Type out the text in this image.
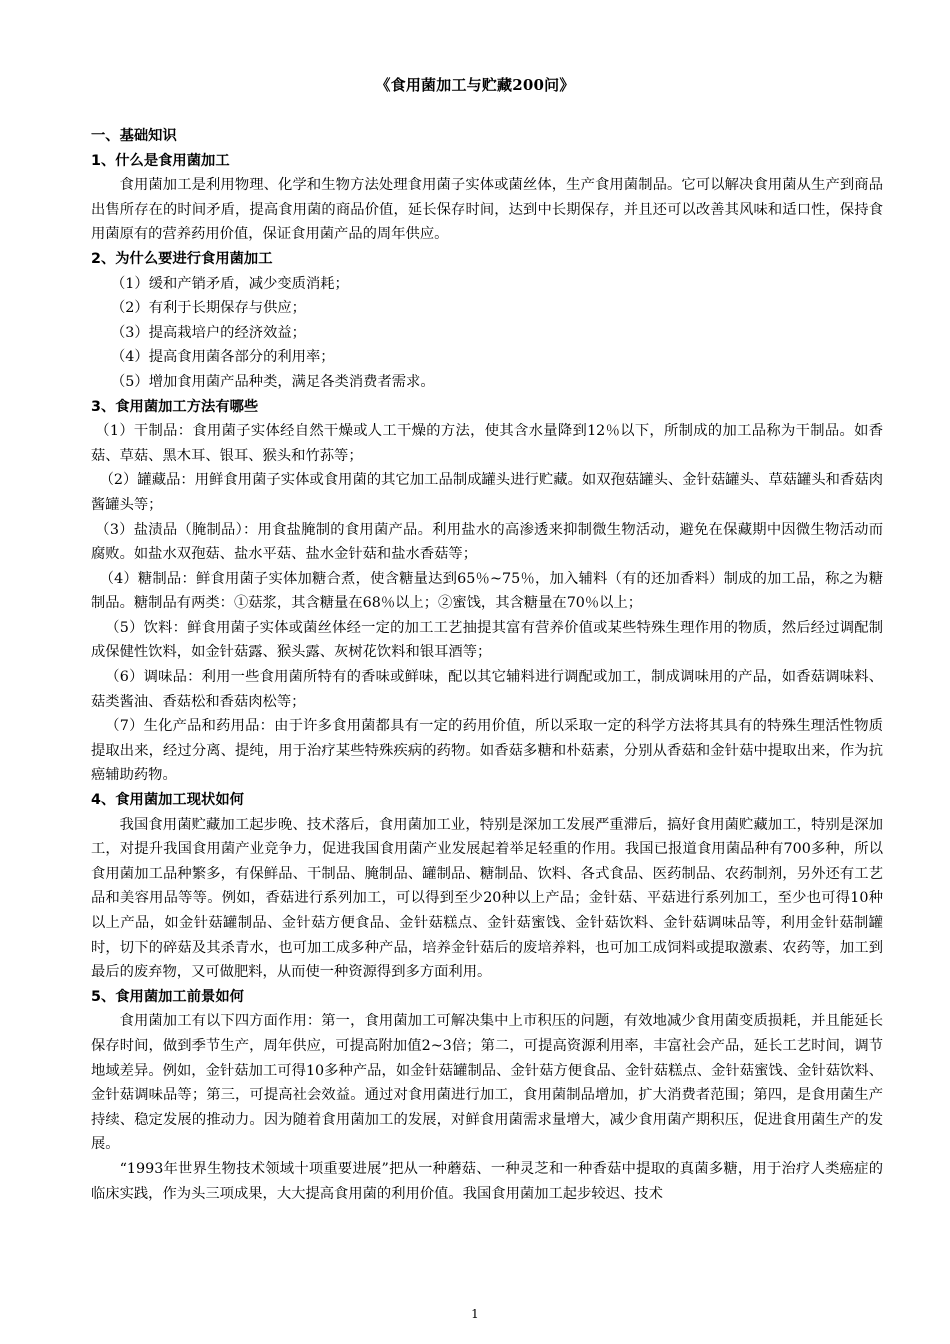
《食用菌加工与贮藏200问》

一、基础知识

1、什么是食用菌加工

食用菌加工是利用物理、化学和生物方法处理食用菌子实体或菌丝体，生产食用菌制品。它可以解决食用菌从生产到商品出售所存在的时间矛盾，提高食用菌的商品价值，延长保存时间，达到中长期保存，并且还可以改善其风味和适口性，保持食用菌原有的营养药用价值，保证食用菌产品的周年供应。

2、为什么要进行食用菌加工

（1）缓和产销矛盾，减少变质消耗；

（2）有利于长期保存与供应；

（3）提高栽培户的经济效益；

（4）提高食用菌各部分的利用率；

（5）增加食用菌产品种类，满足各类消费者需求。

3、食用菌加工方法有哪些

（1）干制品：食用菌子实体经自然干燥或人工干燥的方法，使其含水量降到12％以下，所制成的加工品称为干制品。如香菇、草菇、黑木耳、银耳、猴头和竹荪等；

（2）罐藏品：用鲜食用菌子实体或食用菌的其它加工品制成罐头进行贮藏。如双孢菇罐头、金针菇罐头、草菇罐头和香菇肉酱罐头等；

（3）盐渍品（腌制品）：用食盐腌制的食用菌产品。利用盐水的高渗透来抑制微生物活动，避免在保藏期中因微生物活动而腐败。如盐水双孢菇、盐水平菇、盐水金针菇和盐水香菇等；

（4）糖制品：鲜食用菌子实体加糖合煮，使含糖量达到65％~75％，加入辅料（有的还加香料）制成的加工品，称之为糖制品。糖制品有两类：①菇浆，其含糖量在68％以上；②蜜饯，其含糖量在70％以上；

（5）饮料：鲜食用菌子实体或菌丝体经一定的加工工艺抽提其富有营养价值或某些特殊生理作用的物质，然后经过调配制成保健性饮料，如金针菇露、猴头露、灰树花饮料和银耳酒等；

（6）调味品：利用一些食用菌所特有的香味或鲜味，配以其它辅料进行调配或加工，制成调味用的产品，如香菇调味料、菇类酱油、香菇松和香菇肉松等；

（7）生化产品和药用品：由于许多食用菌都具有一定的药用价值，所以采取一定的科学方法将其具有的特殊生理活性物质提取出来，经过分离、提纯，用于治疗某些特殊疾病的药物。如香菇多糖和朴菇素，分别从香菇和金针菇中提取出来，作为抗癌辅助药物。

4、食用菌加工现状如何

我国食用菌贮藏加工起步晚、技术落后，食用菌加工业，特别是深加工发展严重滞后，搞好食用菌贮藏加工，特别是深加工，对提升我国食用菌产业竞争力，促进我国食用菌产业发展起着举足轻重的作用。我国已报道食用菌品种有700多种，所以食用菌加工品种繁多，有保鲜品、干制品、腌制品、罐制品、糖制品、饮料、各式食品、医药制品、农药制剂，另外还有工艺品和美容用品等等。例如，香菇进行系列加工，可以得到至少20种以上产品；金针菇、平菇进行系列加工，至少也可得10种以上产品，如金针菇罐制品、金针菇方便食品、金针菇糕点、金针菇蜜饯、金针菇饮料、金针菇调味品等，利用金针菇制罐时，切下的碎菇及其杀青水，也可加工成多种产品，培养金针菇后的废培养料，也可加工成饲料或提取激素、农药等，加工到最后的废弃物，又可做肥料，从而使一种资源得到多方面利用。

5、食用菌加工前景如何

食用菌加工有以下四方面作用：第一，食用菌加工可解决集中上市积压的问题，有效地减少食用菌变质损耗，并且能延长保存时间，做到季节生产，周年供应，可提高附加值2~3倍；第二，可提高资源利用率，丰富社会产品，延长工艺时间，调节地域差异。例如，金针菇加工可得10多种产品，如金针菇罐制品、金针菇方便食品、金针菇糕点、金针菇蜜饯、金针菇饮料、金针菇调味品等；第三，可提高社会效益。通过对食用菌进行加工，食用菌制品增加，扩大消费者范围；第四，是食用菌生产持续、稳定发展的推动力。因为随着食用菌加工的发展，对鲜食用菌需求量增大，减少食用菌产期积压，促进食用菌生产的发展。

“1993年世界生物技术领域十项重要进展”把从一种蘑菇、一种灵芝和一种香菇中提取的真菌多糖，用于治疗人类癌症的临床实践，作为头三项成果，大大提高食用菌的利用价值。我国食用菌加工起步较迟、技术

1
